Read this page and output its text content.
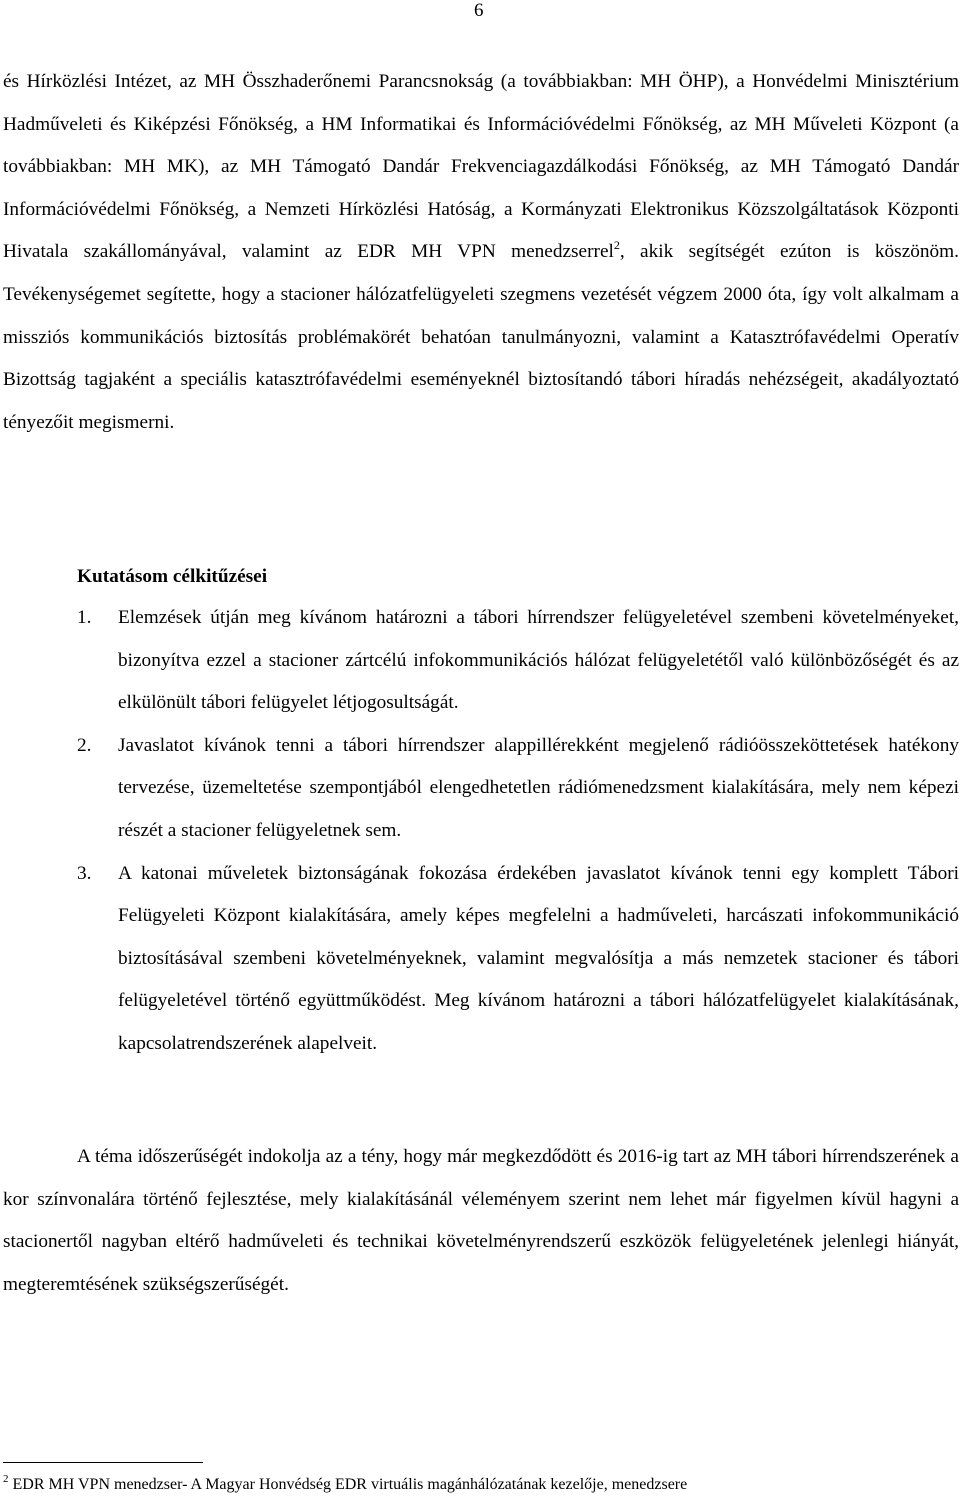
6

és Hírközlési Intézet, az MH Összhaderőnemi Parancsnokság (a továbbiakban: MH ÖHP), a Honvédelmi Minisztérium Hadműveleti és Kiképzési Főnökség, a HM Informatikai és Információvédelmi Főnökség, az MH Műveleti Központ (a továbbiakban: MH MK), az MH Támogató Dandár Frekvenciagazdálkodási Főnökség, az MH Támogató Dandár Információvédelmi Főnökség, a Nemzeti Hírközlési Hatóság, a Kormányzati Elektronikus Közszolgáltatások Központi Hivatala szakállományával, valamint az EDR MH VPN menedzserrel$^2$, akik segítségét ezúton is köszönöm. Tevékenységemet segítette, hogy a stacioner hálózatfelügyeleti szegmens vezetését végzem 2000 óta, így volt alkalmam a missziós kommunikációs biztosítás problémakörét behatóan tanulmányozni, valamint a Katasztrófavédelmi Operatív Bizottság tagjaként a speciális katasztrófavédelmi eseményeknél biztosítandó tábori híradás nehézségeit, akadályoztató tényezőit megismerni.

Kutatásom célkitűzései
1. Elemzések útján meg kívánom határozni a tábori hírrendszer felügyeletével szembeni követelményeket, bizonyítva ezzel a stacioner zártcélú infokommunikációs hálózat felügyeletétől való különbözőségét és az elkülönült tábori felügyelet létjogosultságát.
2. Javaslatot kívánok tenni a tábori hírrendszer alappillérekként megjelenő rádióösszeköttetések hatékony tervezése, üzemeltetése szempontjából elengedhetetlen rádiómenedzsment kialakítására, mely nem képezi részét a stacioner felügyeletnek sem.
3. A katonai műveletek biztonságának fokozása érdekében javaslatot kívánok tenni egy komplett Tábori Felügyeleti Központ kialakítására, amely képes megfelelni a hadműveleti, harcászati infokommunikáció biztosításával szembeni követelményeknek, valamint megvalósítja a más nemzetek stacioner és tábori felügyeletével történő együttműködést. Meg kívánom határozni a tábori hálózatfelügyelet kialakításának, kapcsolatrendszerének alapelveit.

A téma időszerűségét indokolja az a tény, hogy már megkezdődött és 2016-ig tart az MH tábori hírrendszerének a kor színvonalára történő fejlesztése, mely kialakításánál véleményem szerint nem lehet már figyelmen kívül hagyni a stacionertől nagyban eltérő hadműveleti és technikai követelményrendszerű eszközök felügyeletének jelenlegi hiányát, megteremtésének szükségszerűségét.

$^2$ EDR MH VPN menedzser- A Magyar Honvédség EDR virtuális magánhálózatának kezelője, menedzsere
